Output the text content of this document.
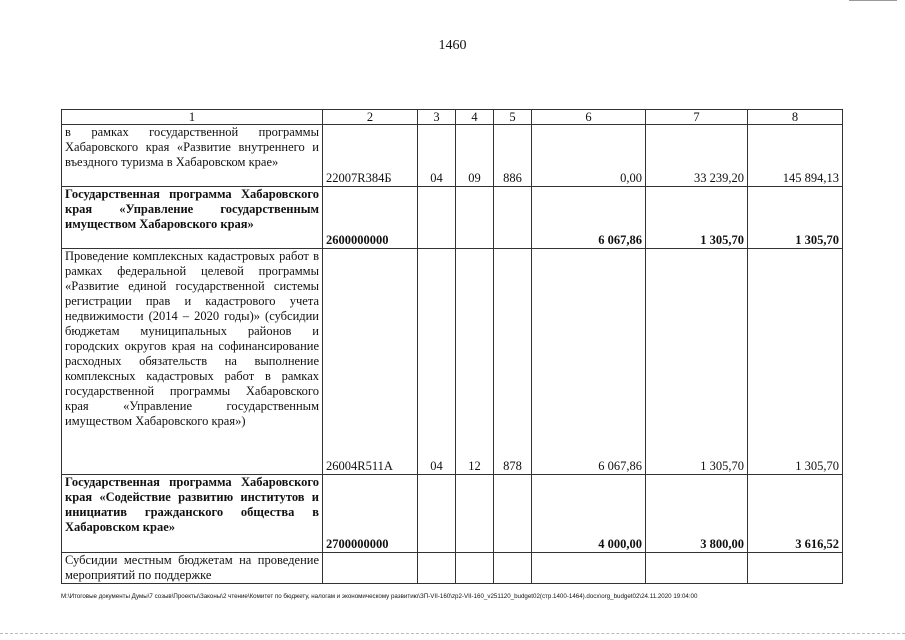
1460
1	2	3	4	5	6	7	8
в рамках государственной программы Хабаровского края «Развитие внутреннего и въездного туризма в Хабаровском крае»	22007R384Б	04	09	886	0,00	33 239,20	145 894,13
Государственная программа Хабаровского края «Управление государственным имуществом Хабаровского края»	2600000000				6 067,86	1 305,70	1 305,70
Проведение комплексных кадастровых работ в рамках федеральной целевой программы «Развитие единой государственной системы регистрации прав и кадастрового учета недвижимости (2014 – 2020 годы)» (субсидии бюджетам муниципальных районов и городских округов края на софинансирование расходных обязательств на выполнение комплексных кадастровых работ в рамках государственной программы Хабаровского края «Управление государственным имуществом Хабаровского края»)	26004R511A	04	12	878	6 067,86	1 305,70	1 305,70
Государственная программа Хабаровского края «Содействие развитию институтов и инициатив гражданского общества в Хабаровском крае»	2700000000				4 000,00	3 800,00	3 616,52
Субсидии местным бюджетам на проведение мероприятий по поддержке							
M:\Итоговые документы Думы\7 созыв\Проекты\Законы\2 чтение\Комитет по бюджету, налогам и экономическому развитию\ЗП-VII-160\zp2-VII-160_v251120_budget02(стр.1400-1464).docx\org_budget02\24.11.2020 19:04:00
